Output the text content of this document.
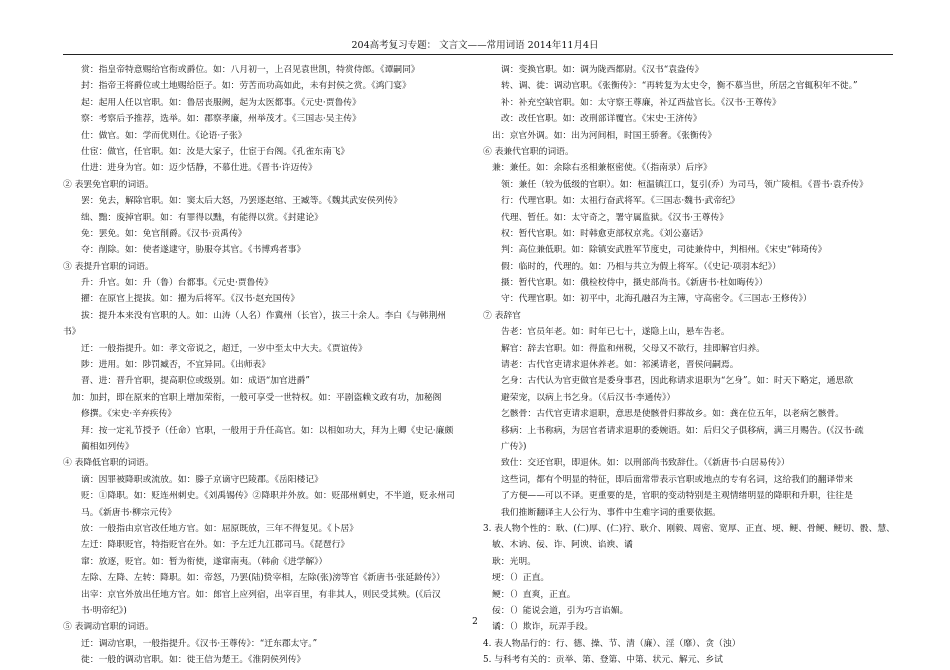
204高考复习专题： 文言文——常用词语 2014年11月4日
赏：指皇帝特意赐给官衔或爵位。如：八月初一，上召见袁世凯，特赏侍郎。《谭嗣同》
封：指帝王将爵位或土地赐给臣子。如：劳苦而功高如此，未有封侯之赏。《鸿门宴》
起：起用人任以官职。如：鲁居丧服阙，起为太医都事。《元史·贾鲁传》
察：考察后予推荐，选举。如：郡察孝廉，州举茂才。《三国志·吴主传》
仕：做官。如：学而优则仕。《论语·子张》
仕宦：做官，任官职。如：汝是大家子，仕宦于台阁。《孔雀东南飞》
仕进：进身为官。如：迈少恬静，不慕仕进。《晋书·许迈传》
② 表罢免官职的词语。
罢：免去，解除官职。如：窦太后大怒，乃罢逐赵绾、王臧等。《魏其武安侯列传》
绌、黜：废掉官职。如：有罪得以黜，有能得以赏。《封建论》
免：罢免。如：免官削爵。《汉书·贡禹传》
夺：削除。如：使者遂逮守，胁服夺其官。《书博鸡者事》
③ 表提升官职的词语。
升：升官。如：升（鲁）台都事。《元史·贾鲁传》
擢：在原官上提拔。如：擢为后将军。《汉书·赵充国传》
拔：提升本来没有官职的人。如：山涛（人名）作冀州（长官），拔三十余人。李白《与韩荆州
书》
迁：一般指提升。如：孝文帝说之，超迁，一岁中至太中大夫。《贾谊传》
陟：进用。如：陟罚臧否，不宜异同。《出师表》
晋、进：晋升官职，提高职位或级别。如：成语“加官进爵”
加：加封，即在原来的官职上增加荣衔，一般可享受一世特权。如：平剧盗赖文政有功，加秘阁
修撰。《宋史·辛弃疾传》
拜：按一定礼节授予（任命）官职，一般用于升任高官。如：以相如功大，拜为上卿《史记·廉颇
蔺相如列传》
④ 表降低官职的词语。
谪：因罪被降职或流放。如：滕子京谪守巴陵郡。《岳阳楼记》
贬：①降职。如：贬连州刺史。《刘禹锡传》②降职并外放。如：贬邵州刺史，不半道，贬永州司
马。《新唐书·柳宗元传》
放：一般指由京官改任地方官。如：屈原既放，三年不得复见。《卜居》
左迁：降职贬官，特指贬官在外。如：予左迁九江郡司马。《琵琶行》
窜：放逐，贬官。如：暂为衔使，遂窜南夷。（韩俞《进学解》）
左除、左降、左转：降职。如：帝怒，乃罢(陆)贽宰相，左除(张)滂等官《新唐书·张延龄传》）
出宰：京官外放出任地方官。如：郎官上应列宿，出宰百里，有非其人，则民受其殃。(《后汉
书·明帝纪》)
⑤ 表调动官职的词语。
迁：调动官职，一般指提升。《汉书·王尊传》：“迁东郡太守。”
徙：一般的调动官职。如：徙王信为楚王。《淮阴侯列传》
调：变换官职。如：调为陇西都尉。《汉书“袁盎传》
转、调、徙：调动官职。《张衡传》：“再转复为太史令，衡不慕当世，所居之官辄积年不徙。”
补：补充空缺官职。如：太守察王尊廉，补辽西盐官长。《汉书·王尊传》
改：改任官职。如：改刑部详覆官。《宋史·王济传》
出：京官外调。如：出为河间相，时国王骄奢。《张衡传》
⑥ 表兼代官职的词语。
兼：兼任。如：余除右丞相兼枢密使。《（指南录）后序》
领：兼任（较为低级的官职）。如：桓温镇江口，复引(乔）为司马，领广陵相。《晋书·袁乔传》
行：代理官职。如：太祖行奋武将军。《三国志·魏书·武帝纪》
代理、暂任。如：太守奇之，署守属监狱。《汉书·王尊传》
权：暂代官职。如：时韩愈吏部权京兆。《刘公嘉话》
判：高位兼低职。如：除镇安武胜军节度史，司徒兼侍中，判相州。《宋史“韩琦传》
假：临时的，代理的。如：乃相与共立为假上将军。（《史记·项羽本纪》）
摄：暂代官职。如：俄检校侍中，摄史部尚书。《新唐书·杜如晦传》）
守：代理官职。如：初平中，北海孔融召为主簿，守高密令。《三国志·王修传》）
⑦ 表辞官
告老：官员年老。如：时年已七十，遂隐上山，悬车告老。
解官：辞去官职。如：得监和州税，父母又不欲行，挂即解官归养。
请老：古代官吏请求退休养老。如：祁溪请老，晋侯问嗣焉。
乞身：古代认为官吏做官是委身事君，因此称请求退职为“乞身”。如：时天下略定，通思欲
避荣宠，以病上书乞身。（《后汉书·李通传》）
乞骸骨：古代官吏请求退职，意思是使骸骨归葬故乡。如：龚在位五年，以老病乞骸骨。
移病：上书称病，为居官者请求退职的委婉语。如：后归父子俱移病，满三月赐告。(《汉书·疏
广传》)
致仕：交还官职，即退休。如：以刑部尚书致辞仕。（《新唐书·白居易传》）
这些词，都有个明显的特征，即后面常带表示官职或地点的专有名词，这给我们的翻译带来
了方便——可以不译。更重要的是，官职的变动特别是主观情绪明显的降职和升职，往往是
我们推断翻译主人公行为、事件中生难字词的重要依据。
3. 表人物个性的：耿、(仁)厚、(仁)狞、耿介、刚毅、周密、宽厚、正直、埂、鲠、骨鲠、鲠切、骰、慧、
敏、木讷、佞、诈、阿谀、谄谀、谲
耿：光明。
埂：（）正直。
鲠：（）直爽，正直。
佞：（）能说会道，引为巧言谄媚。
谲：（）欺诈，玩弄手段。
4. 表人物品行的：行、德、操、节、清（廉）、淫（靡）、贪（浊）
5. 与科考有关的：贡举、第、登第、中第、状元、解元、乡试
2
